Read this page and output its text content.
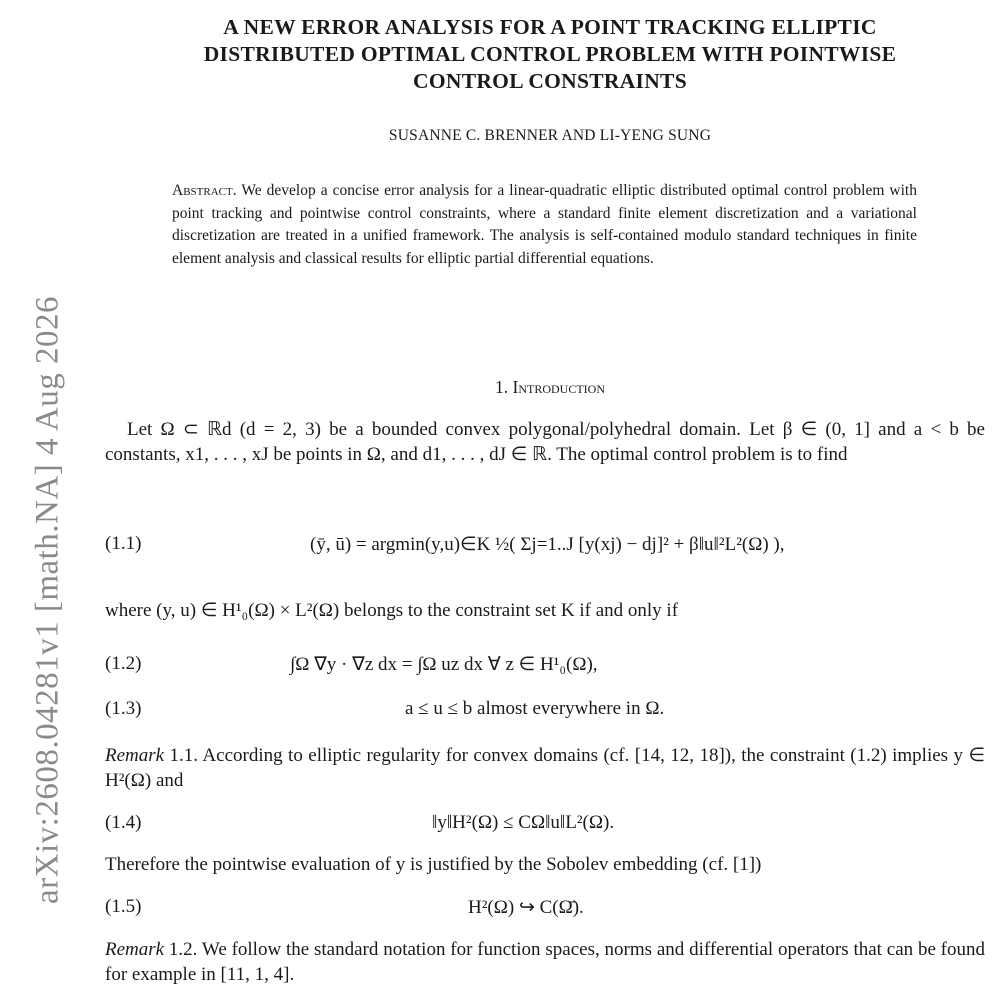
arXiv:2608.04281v1 [math.NA] 4 Aug 2026
A NEW ERROR ANALYSIS FOR A POINT TRACKING ELLIPTIC
DISTRIBUTED OPTIMAL CONTROL PROBLEM WITH POINTWISE
CONTROL CONSTRAINTS
SUSANNE C. BRENNER AND LI-YENG SUNG
Abstract. We develop a concise error analysis for a linear-quadratic elliptic distributed optimal control problem with point tracking and pointwise control constraints, where a standard finite element discretization and a variational discretization are treated in a unified framework. The analysis is self-contained modulo standard techniques in finite element analysis and classical results for elliptic partial differential equations.
1. Introduction
Let Ω ⊂ ℝd (d = 2, 3) be a bounded convex polygonal/polyhedral domain. Let β ∈ (0, 1] and a < b be constants, x1, . . . , xJ be points in Ω, and d1, . . . , dJ ∈ ℝ. The optimal control problem is to find
(1.1)	(ȳ, ū) = argmin(y,u)∈K ½( Σj=1..J [y(xj) − dj]² + β‖u‖²L²(Ω) ),
where (y, u) ∈ H¹₀(Ω) × L²(Ω) belongs to the constraint set K if and only if
(1.2)	∫Ω ∇y · ∇z dx = ∫Ω uz dx ∀ z ∈ H¹₀(Ω),
(1.3)	a ≤ u ≤ b almost everywhere in Ω.
Remark 1.1. According to elliptic regularity for convex domains (cf. [14, 12, 18]), the constraint (1.2) implies y ∈ H²(Ω) and
(1.4)	‖y‖H²(Ω) ≤ CΩ‖u‖L²(Ω).
Therefore the pointwise evaluation of y is justified by the Sobolev embedding (cf. [1])
(1.5)	H²(Ω) ↪ C(Ω̄).
Remark 1.2. We follow the standard notation for function spaces, norms and differential operators that can be found for example in [11, 1, 4].
